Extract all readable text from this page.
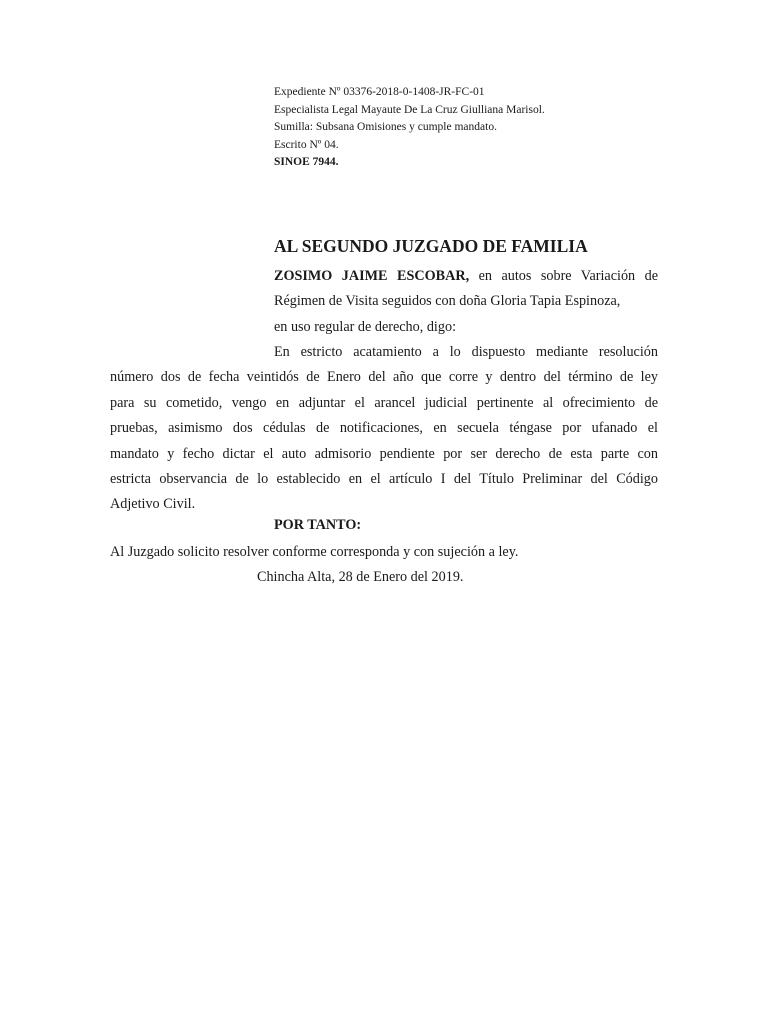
Expediente Nº 03376-2018-0-1408-JR-FC-01
Especialista Legal Mayaute De La Cruz Giulliana Marisol.
Sumilla: Subsana Omisiones y cumple mandato.
Escrito Nº 04.
SINOE 7944.
AL SEGUNDO JUZGADO DE FAMILIA
ZOSIMO JAIME ESCOBAR, en autos sobre Variación de
Régimen de Visita seguidos con doña Gloria Tapia Espinoza,
en uso regular de derecho, digo:
En estricto acatamiento a lo dispuesto mediante resolución
número dos de fecha veintidós de Enero del año que corre y dentro del término de ley
para su cometido, vengo en adjuntar el arancel judicial pertinente al ofrecimiento de
pruebas, asimismo dos cédulas de notificaciones, en secuela téngase por ufanado el
mandato y fecho dictar el auto admisorio pendiente por ser derecho de esta parte con
estricta observancia de lo establecido en el artículo I del Título Preliminar del Código
Adjetivo Civil.
POR TANTO:
Al Juzgado solicito resolver conforme corresponda y con sujeción a ley.
Chincha Alta, 28 de Enero del 2019.
